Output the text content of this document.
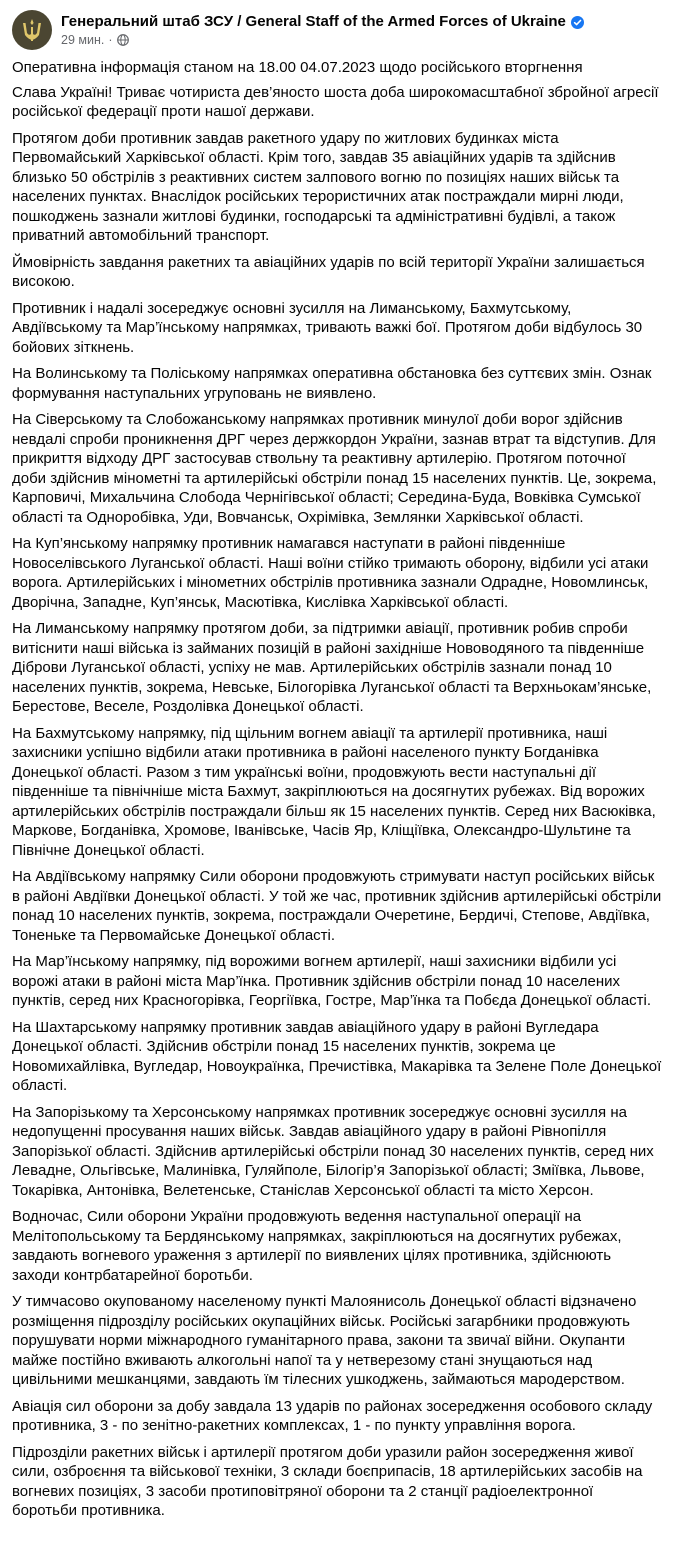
Генеральний штаб ЗСУ / General Staff of the Armed Forces of Ukraine
29 мин. ·

Оперативна інформація станом на 18.00 04.07.2023 щодо російського вторгнення

Слава Україні! Триває чотириста дев’яносто шоста доба широкомасштабної збройної агресії російської федерації проти нашої держави.

Протягом доби противник завдав ракетного удару по житлових будинках міста Первомайський Харківської області. Крім того, завдав 35 авіаційних ударів та здійснив близько 50 обстрілів з реактивних систем залпового вогню по позиціях наших військ та населених пунктах. Внаслідок російських терористичних атак постраждали мирні люди, пошкоджень зазнали житлові будинки, господарські та адміністративні будівлі, а також приватний автомобільний транспорт.

Ймовірність завдання ракетних та авіаційних ударів по всій території України залишається високою.

Противник і надалі зосереджує основні зусилля на Лиманському, Бахмутському, Авдіївському та Мар’їнському напрямках, тривають важкі бої. Протягом доби відбулось 30 бойових зіткнень.

На Волинському та Поліському напрямках оперативна обстановка без суттєвих змін. Ознак формування наступальних угруповань не виявлено.

На Сіверському та Слобожанському напрямках противник минулої доби ворог здійснив невдалі спроби проникнення ДРГ через держкордон України, зазнав втрат та відступив. Для прикриття відходу ДРГ застосував ствольну та реактивну артилерію. Протягом поточної доби здійснив мінометні та артилерійські обстріли понад 15 населених пунктів. Це, зокрема, Карповичі, Михальчина Слобода Чернігівської області; Середина-Буда, Вовківка Сумської області та Одноробівка, Уди, Вовчанськ, Охрімівка, Землянки Харківської області.

На Куп’янському напрямку противник намагався наступати в районі південніше Новоселівського Луганської області. Наші воїни стійко тримають оборону, відбили усі атаки ворога. Артилерійських і мінометних обстрілів противника зазнали Одрадне, Новомлинськ, Дворічна, Западне, Куп’янськ, Масютівка, Кислівка Харківської області.

На Лиманському напрямку протягом доби, за підтримки авіації, противник робив спроби витіснити наші війська із займаних позицій в районі західніше Нововодяного та південніше Діброви Луганської області, успіху не мав. Артилерійських обстрілів зазнали понад 10 населених пунктів, зокрема, Невське, Білогорівка Луганської області та Верхньокам’янське, Берестове, Веселе, Роздолівка Донецької області.

На Бахмутському напрямку, під щільним вогнем авіації та артилерії противника, наші захисники успішно відбили атаки противника в районі населеного пункту Богданівка Донецької області. Разом з тим українські воїни, продовжують вести наступальні дії південніше та північніше міста Бахмут, закріплюються на досягнутих рубежах. Від ворожих артилерійських обстрілів постраждали більш як 15 населених пунктів. Серед них Васюківка, Маркове, Богданівка, Хромове, Іванівське, Часів Яр, Кліщіївка, Олександро-Шультине та Північне Донецької області.

На Авдіївському напрямку Сили оборони продовжують стримувати наступ російських військ в районі Авдіївки Донецької області. У той же час, противник здійснив артилерійські обстріли понад 10 населених пунктів, зокрема, постраждали Очеретине, Бердичі, Степове, Авдіївка, Тоненьке та Первомайське Донецької області.

На Мар’їнському напрямку, під ворожими вогнем артилерії, наші захисники відбили усі ворожі атаки в районі міста Мар’їнка. Противник здійснив обстріли понад 10 населених пунктів, серед них Красногорівка, Георгіївка, Гостре, Мар’їнка та Побєда Донецької області.

На Шахтарському напрямку противник завдав авіаційного удару в районі Вугледара Донецької області. Здійснив обстріли понад 15 населених пунктів, зокрема це Новомихайлівка, Вугледар, Новоукраїнка, Пречистівка, Макарівка та Зелене Поле Донецької області.

На Запорізькому та Херсонському напрямках противник зосереджує основні зусилля на недопущенні просування наших військ. Завдав авіаційного удару в районі Рівнопілля Запорізької області. Здійснив артилерійські обстріли понад 30 населених пунктів, серед них Левадне, Ольгівське, Малинівка, Гуляйполе, Білогір’я Запорізької області; Зміївка, Львове, Токарівка, Антонівка, Велетенське, Станіслав Херсонської області та місто Херсон.

Водночас, Сили оборони України продовжують ведення наступальної операції на Мелітопольському та Бердянському напрямках, закріплюються на досягнутих рубежах, завдають вогневого ураження з артилерії по виявлених цілях противника, здійснюють заходи контрбатарейної боротьби.

У тимчасово окупованому населеному пункті Малоянисоль Донецької області відзначено розміщення підрозділу російських окупаційних військ. Російські загарбники продовжують порушувати норми міжнародного гуманітарного права, закони та звичаї війни. Окупанти майже постійно вживають алкогольні напої та у нетверезому стані знущаються над цивільними мешканцями, завдають їм тілесних ушкоджень, займаються мародерством.

Авіація сил оборони за добу завдала 13 ударів по районах зосередження особового складу противника, 3 - по зенітно-ракетних комплексах, 1 - по пункту управління ворога.

Підрозділи ракетних військ і артилерії протягом доби уразили район зосередження живої сили, озброєння та військової техніки, 3 склади боєприпасів, 18 артилерійських засобів на вогневих позиціях, 3 засоби протиповітряної оборони та 2 станції радіоелектронної боротьби противника.
